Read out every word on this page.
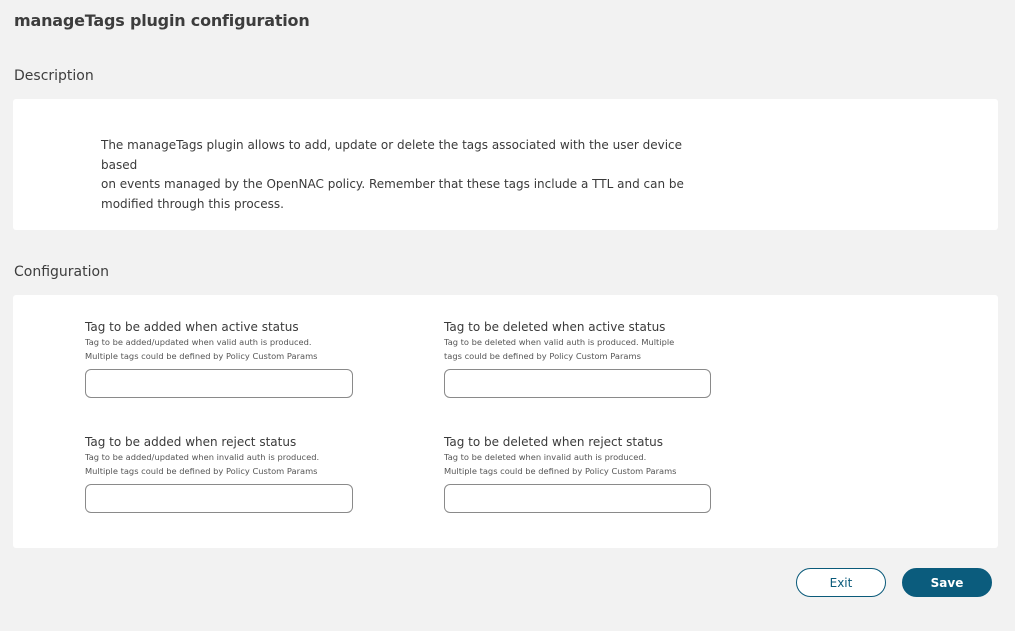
manageTags plugin configuration
Description
The manageTags plugin allows to add, update or delete the tags associated with the user device based
on events managed by the OpenNAC policy. Remember that these tags include a TTL and can be
modified through this process.
Configuration
Tag to be added when active status
Tag to be added/updated when valid auth is produced.
Multiple tags could be defined by Policy Custom Params
Tag to be deleted when active status
Tag to be deleted when valid auth is produced. Multiple
tags could be defined by Policy Custom Params
Tag to be added when reject status
Tag to be added/updated when invalid auth is produced.
Multiple tags could be defined by Policy Custom Params
Tag to be deleted when reject status
Tag to be deleted when invalid auth is produced.
Multiple tags could be defined by Policy Custom Params
Exit	Save
